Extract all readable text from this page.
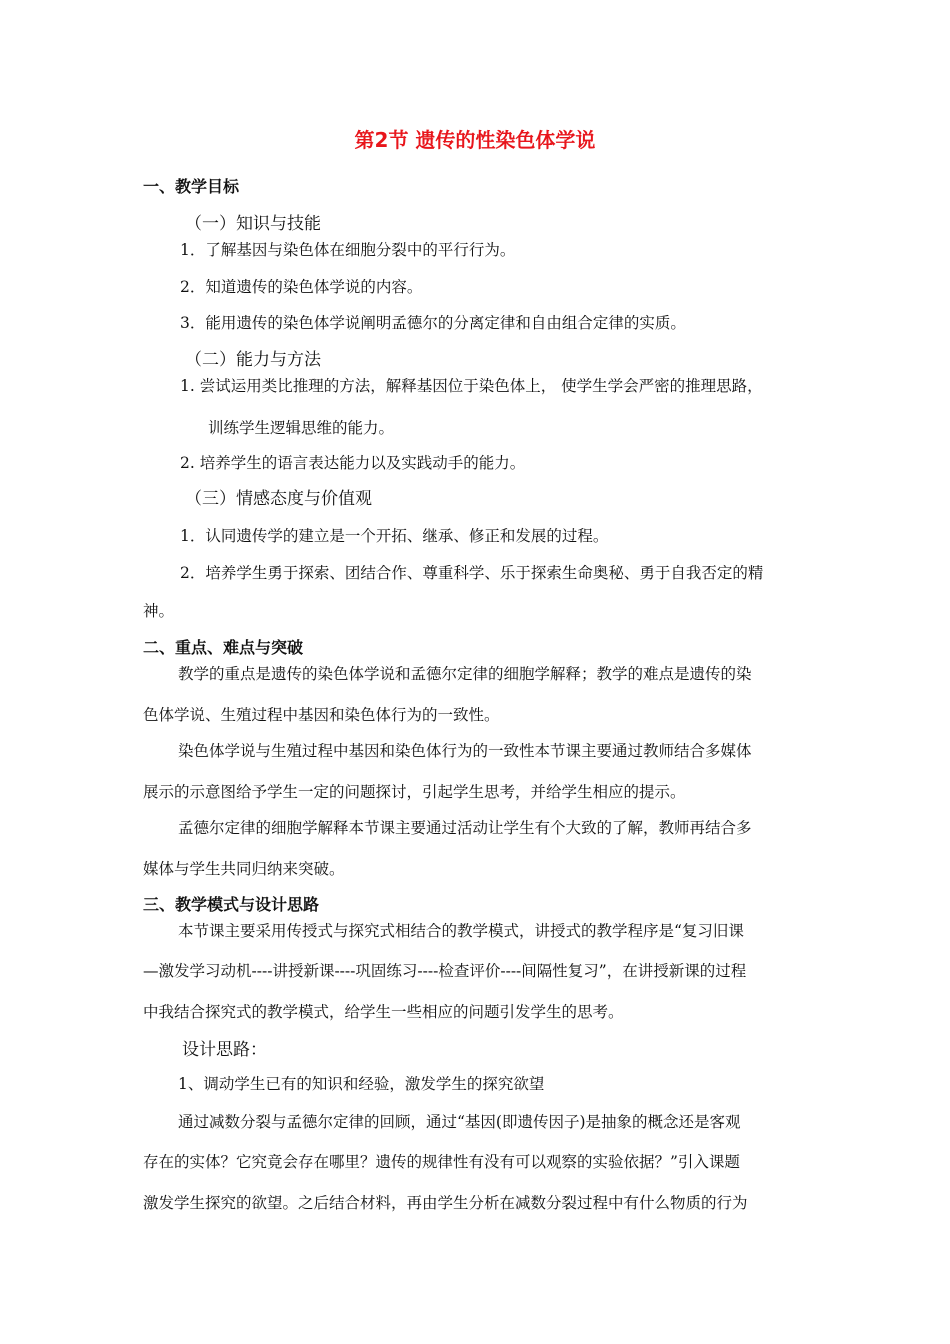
第2节 遗传的性染色体学说
一、教学目标
（一）知识与技能
1．了解基因与染色体在细胞分裂中的平行行为。
2．知道遗传的染色体学说的内容。
3．能用遗传的染色体学说阐明孟德尔的分离定律和自由组合定律的实质。
（二）能力与方法
1. 尝试运用类比推理的方法，解释基因位于染色体上， 使学生学会严密的推理思路，
训练学生逻辑思维的能力。
2. 培养学生的语言表达能力以及实践动手的能力。
（三）情感态度与价值观
1．认同遗传学的建立是一个开拓、继承、修正和发展的过程。
2．培养学生勇于探索、团结合作、尊重科学、乐于探索生命奥秘、勇于自我否定的精
神。
二、重点、难点与突破
教学的重点是遗传的染色体学说和孟德尔定律的细胞学解释；教学的难点是遗传的染
色体学说、生殖过程中基因和染色体行为的一致性。
染色体学说与生殖过程中基因和染色体行为的一致性本节课主要通过教师结合多媒体
展示的示意图给予学生一定的问题探讨，引起学生思考，并给学生相应的提示。
孟德尔定律的细胞学解释本节课主要通过活动让学生有个大致的了解，教师再结合多
媒体与学生共同归纳来突破。
三、教学模式与设计思路
本节课主要采用传授式与探究式相结合的教学模式，讲授式的教学程序是“复习旧课
—激发学习动机----讲授新课----巩固练习----检查评价----间隔性复习”，在讲授新课的过程
中我结合探究式的教学模式，给学生一些相应的问题引发学生的思考。
设计思路：
1、调动学生已有的知识和经验，激发学生的探究欲望
通过减数分裂与孟德尔定律的回顾，通过“基因(即遗传因子)是抽象的概念还是客观
存在的实体？它究竟会存在哪里？遗传的规律性有没有可以观察的实验依据？”引入课题
激发学生探究的欲望。之后结合材料，再由学生分析在减数分裂过程中有什么物质的行为
